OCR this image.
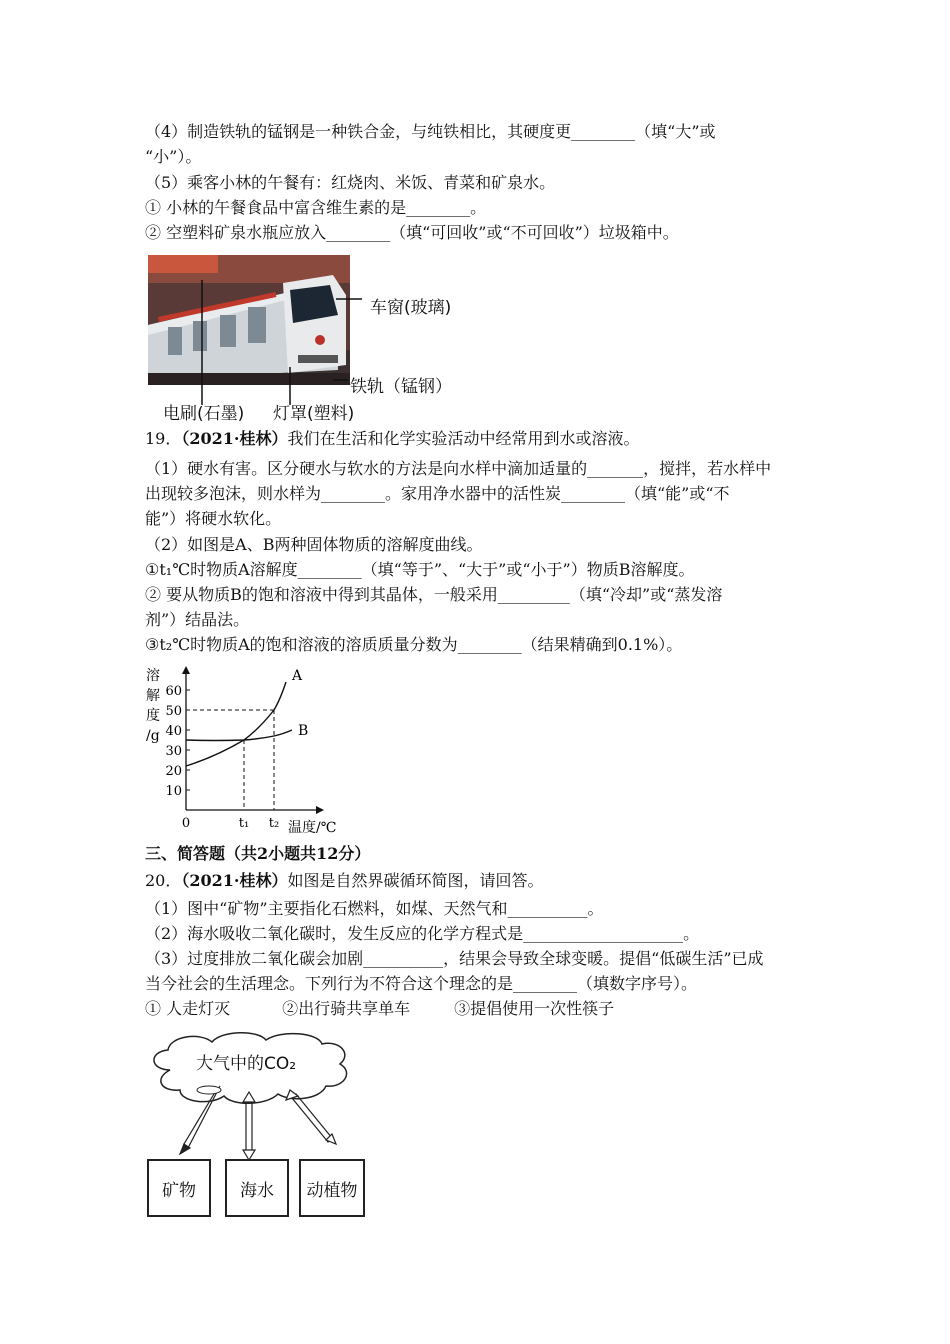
（4）制造铁轨的锰钢是一种铁合金，与纯铁相比，其硬度更________（填“大”或
“小”）。
（5）乘客小林的午餐有：红烧肉、米饭、青菜和矿泉水。
① 小林的午餐食品中富含维生素的是________。
② 空塑料矿泉水瓶应放入________（填“可回收”或“不可回收”）垃圾箱中。
车窗(玻璃)
铁轨（锰钢）
电刷(石墨) 灯罩(塑料)
19．（2021·桂林）我们在生活和化学实验活动中经常用到水或溶液。
（1）硬水有害。区分硬水与软水的方法是向水样中滴加适量的_______，搅拌，若水样中
出现较多泡沫，则水样为________。家用净水器中的活性炭________（填“能”或“不
能”）将硬水软化。
（2）如图是A、B两种固体物质的溶解度曲线。
①t₁℃时物质A溶解度________（填“等于”、“大于”或“小于”）物质B溶解度。
② 要从物质B的饱和溶液中得到其晶体，一般采用_________（填“冷却”或“蒸发溶
剂”）结晶法。
③t₂℃时物质A的饱和溶液的溶质质量分数为________（结果精确到0.1%）。
溶
解
度
/g
10
20
30
40
50
60
0	t₁ t₂ 温度/℃
A
B
三、简答题（共2小题共12分）
20．（2021·桂林）如图是自然界碳循环简图，请回答。
（1）图中“矿物”主要指化石燃料，如煤、天然气和__________。
（2）海水吸收二氧化碳时，发生反应的化学方程式是____________________。
（3）过度排放二氧化碳会加剧__________，结果会导致全球变暖。提倡“低碳生活”已成
当今社会的生活理念。下列行为不符合这个理念的是________（填数字序号）。
① 人走灯灭	②出行骑共享单车	③提倡使用一次性筷子
大气中的CO₂
矿物	海水	动植物
